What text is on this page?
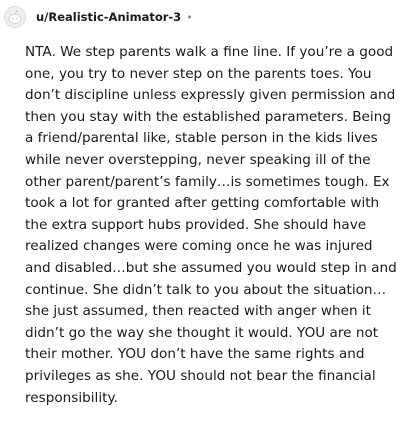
u/Realistic-Animator-3 •

NTA. We step parents walk a fine line. If you’re a good one, you try to never step on the parents toes. You don’t discipline unless expressly given permission and then you stay with the established parameters. Being a friend/parental like, stable person in the kids lives while never overstepping, never speaking ill of the other parent/parent’s family…is sometimes tough. Ex took a lot for granted after getting comfortable with the extra support hubs provided. She should have realized changes were coming once he was injured and disabled…but she assumed you would step in and continue. She didn’t talk to you about the situation…she just assumed, then reacted with anger when it didn’t go the way she thought it would. YOU are not their mother. YOU don’t have the same rights and privileges as she. YOU should not bear the financial responsibility.
